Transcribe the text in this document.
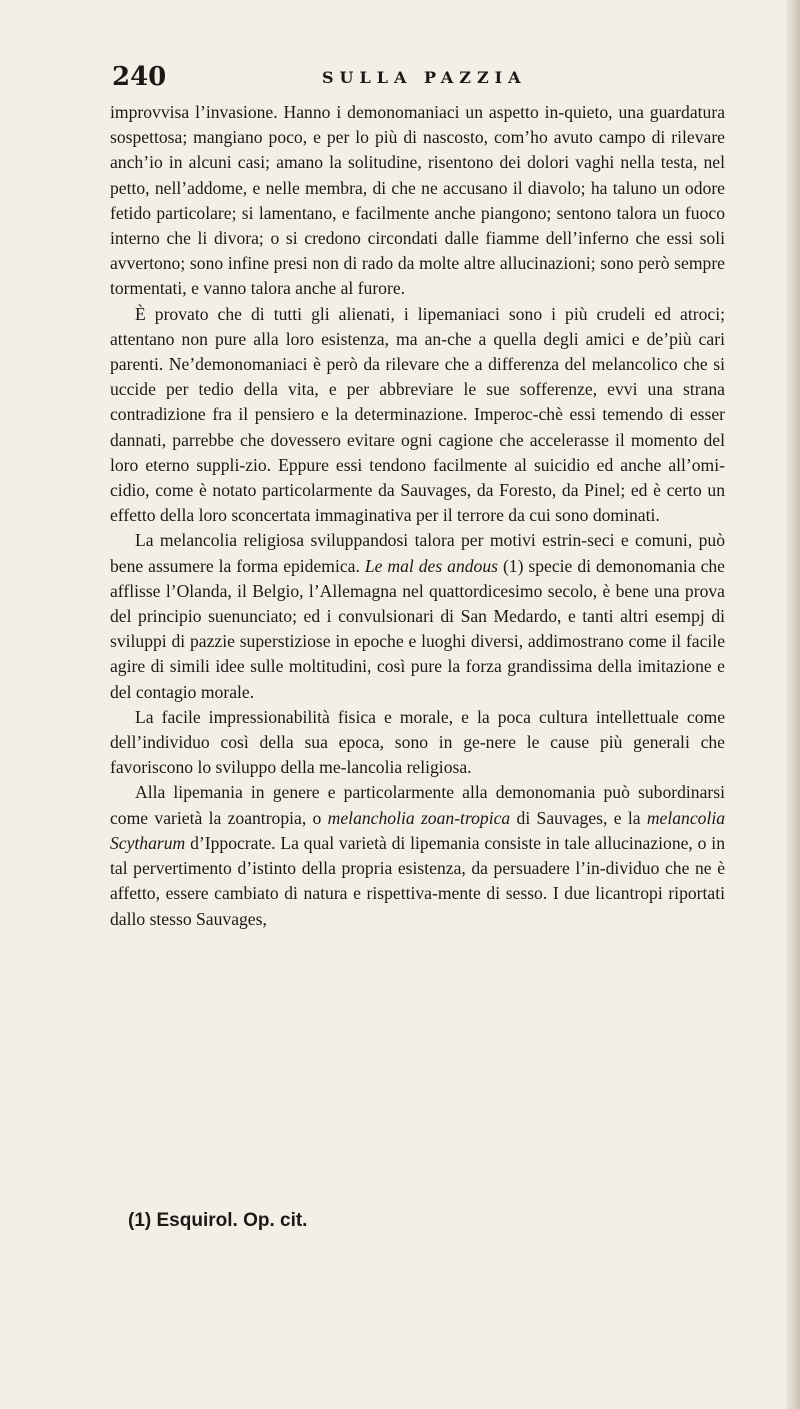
240	SULLA PAZZIA

improvvisa l’invasione. Hanno i demonomaniaci un aspetto in-quieto, una guardatura sospettosa; mangiano poco, e per lo più di nascosto, com’ho avuto campo di rilevare anch’io in alcuni casi; amano la solitudine, risentono dei dolori vaghi nella testa, nel petto, nell’addome, e nelle membra, di che ne accusano il diavolo; ha taluno un odore fetido particolare; si lamentano, e facilmente anche piangono; sentono talora un fuoco interno che li divora; o si credono circondati dalle fiamme dell’inferno che essi soli avvertono; sono infine presi non di rado da molte altre allucinazioni; sono però sempre tormentati, e vanno talora anche al furore.

È provato che di tutti gli alienati, i lipemaniaci sono i più crudeli ed atroci; attentano non pure alla loro esistenza, ma an-che a quella degli amici e de’più cari parenti. Ne’demonomaniaci è però da rilevare che a differenza del melancolico che si uccide per tedio della vita, e per abbreviare le sue sofferenze, evvi una strana contradizione fra il pensiero e la determinazione. Imperoc-chè essi temendo di esser dannati, parrebbe che dovessero evitare ogni cagione che accelerasse il momento del loro eterno suppli-zio. Eppure essi tendono facilmente al suicidio ed anche all’omi-cidio, come è notato particolarmente da Sauvages, da Foresto, da Pinel; ed è certo un effetto della loro sconcertata immaginativa per il terrore da cui sono dominati.

La melancolia religiosa sviluppandosi talora per motivi estrin-seci e comuni, può bene assumere la forma epidemica. Le mal des andous (1) specie di demonomania che afflisse l’Olanda, il Belgio, l’Allemagna nel quattordicesimo secolo, è bene una prova del principio suenunciato; ed i convulsionari di San Medardo, e tanti altri esempj di sviluppi di pazzie superstiziose in epoche e luoghi diversi, addimostrano come il facile agire di simili idee sulle moltitudini, così pure la forza grandissima della imitazione e del contagio morale.

La facile impressionabilità fisica e morale, e la poca cultura intellettuale come dell’individuo così della sua epoca, sono in ge-nere le cause più generali che favoriscono lo sviluppo della me-lancolia religiosa.

Alla lipemania in genere e particolarmente alla demonomania può subordinarsi come varietà la zoantropia, o melancholia zoan-tropica di Sauvages, e la melancolia Scytharum d’Ippocrate. La qual varietà di lipemania consiste in tale allucinazione, o in tal pervertimento d’istinto della propria esistenza, da persuadere l’in-dividuo che ne è affetto, essere cambiato di natura e rispettiva-mente di sesso. I due licantropi riportati dallo stesso Sauvages,

(1) Esquirol. Op. cit.
